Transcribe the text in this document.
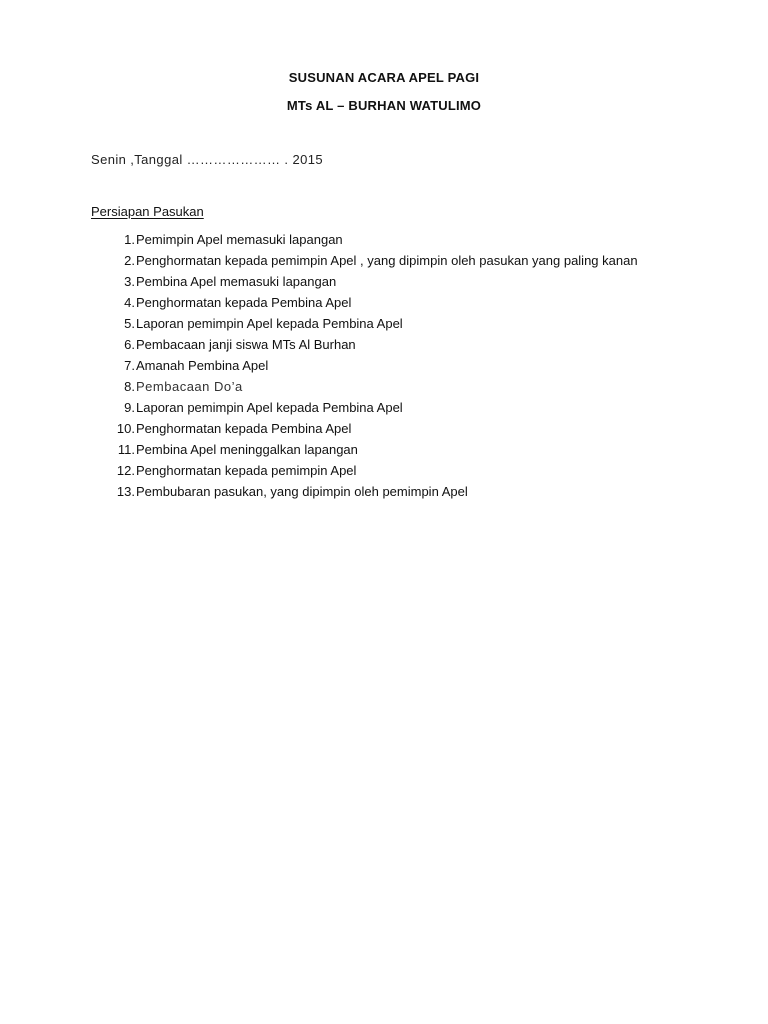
SUSUNAN ACARA APEL PAGI
MTs AL – BURHAN WATULIMO
Senin ,Tanggal ………………… . 2015
Persiapan Pasukan
1. Pemimpin Apel memasuki lapangan
2. Penghormatan kepada pemimpin Apel , yang dipimpin oleh pasukan yang paling kanan
3. Pembina Apel memasuki lapangan
4. Penghormatan kepada Pembina Apel
5. Laporan pemimpin Apel kepada Pembina Apel
6. Pembacaan janji siswa MTs Al Burhan
7. Amanah Pembina Apel
8. Pembacaan Do’a
9. Laporan pemimpin Apel kepada Pembina Apel
10. Penghormatan kepada Pembina Apel
11. Pembina Apel meninggalkan lapangan
12. Penghormatan kepada pemimpin Apel
13. Pembubaran pasukan, yang dipimpin oleh pemimpin Apel
